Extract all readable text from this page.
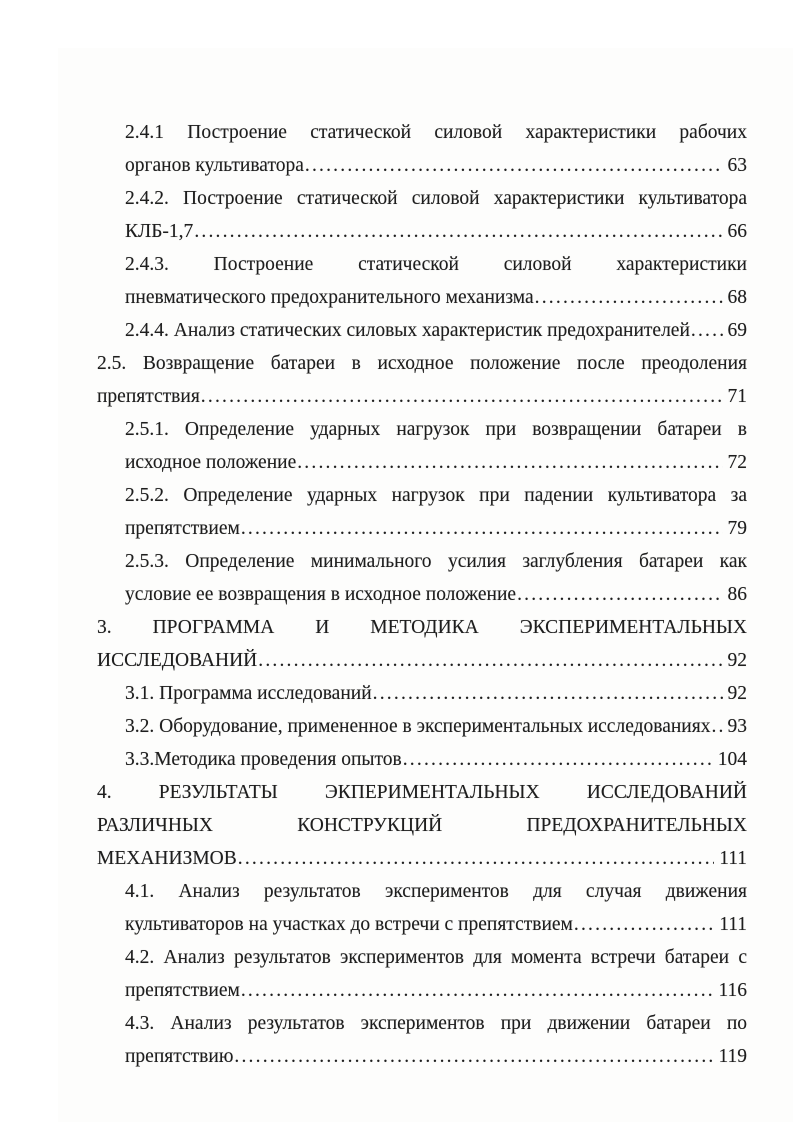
2.4.1 Построение статической силовой характеристики рабочих
органов культиватора .....	63
2.4.2. Построение статической силовой характеристики культиватора
КЛБ-1,7 .....	66
2.4.3. Построение статической силовой характеристики
пневматического предохранительного механизма .....	68
2.4.4. Анализ статических силовых характеристик предохранителей ..... 69
2.5. Возвращение батареи в исходное положение после преодоления
препятствия .....	71
2.5.1. Определение ударных нагрузок при возвращении батареи в
исходное положение .....	72
2.5.2. Определение ударных нагрузок при падении культиватора за
препятствием .....	79
2.5.3. Определение минимального усилия заглубления батареи как
условие ее возвращения в исходное положение .....	86
3. ПРОГРАММА И МЕТОДИКА ЭКСПЕРИМЕНТАЛЬНЫХ
ИССЛЕДОВАНИЙ .....	92
3.1. Программа исследований .....	92
3.2. Оборудование, примененное в экспериментальных исследованиях ..... 93
3.3.Методика проведения опытов .....	104
4. РЕЗУЛЬТАТЫ ЭКПЕРИМЕНТАЛЬНЫХ ИССЛЕДОВАНИЙ
РАЗЛИЧНЫХ КОНСТРУКЦИЙ ПРЕДОХРАНИТЕЛЬНЫХ
МЕХАНИЗМОВ .....	111
4.1. Анализ результатов экспериментов для случая движения
культиваторов на участках до встречи с препятствием .....	111
4.2. Анализ результатов экспериментов для момента встречи батареи с
препятствием .....	116
4.3. Анализ результатов экспериментов при движении батареи по
препятствию .....	119
